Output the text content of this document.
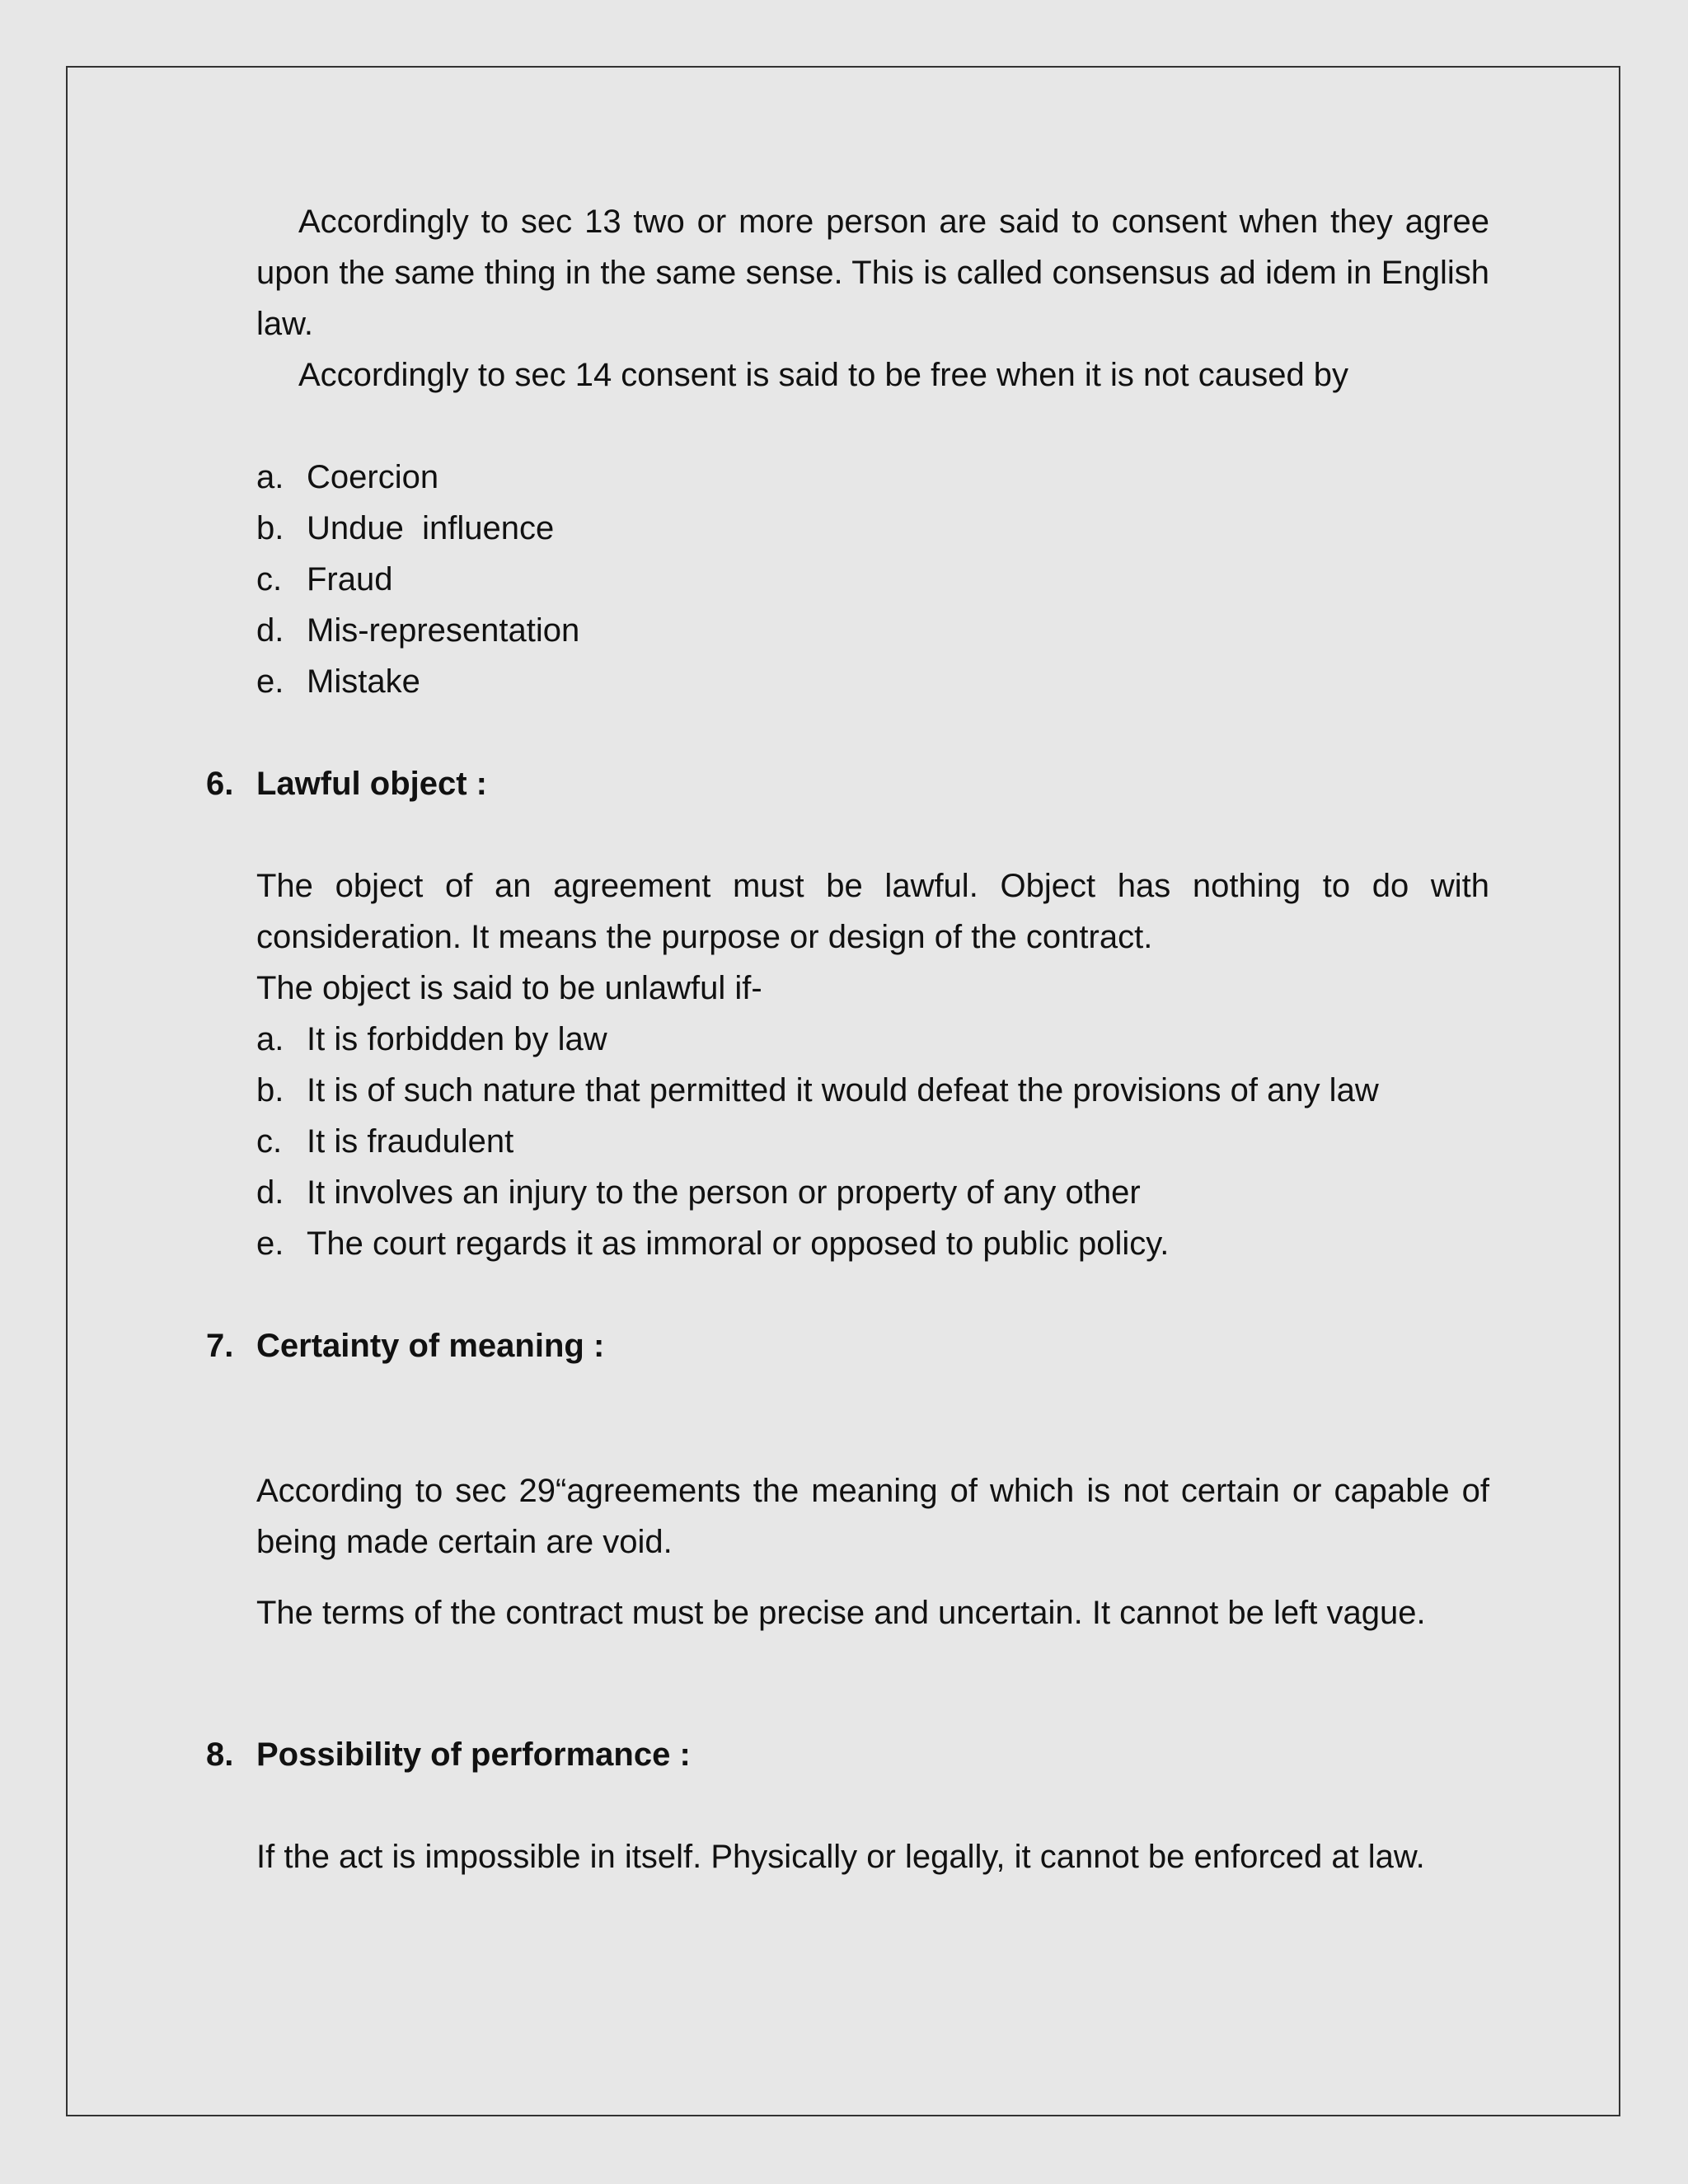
Accordingly to sec 13 two or more person are said to consent when they agree upon the same thing in the same sense. This is called consensus ad idem in English law.

Accordingly to sec 14 consent is said to be free when it is not caused by

a. Coercion
b. Undue  influence
c. Fraud
d. Mis-representation
e. Mistake
6. Lawful object :

The object of an agreement must be lawful. Object has nothing to do with consideration. It means the purpose or design of the contract.

The object is said to be unlawful if-

a. It is forbidden by law
b. It is of such nature that permitted it would defeat the provisions of any law
c. It is fraudulent
d. It involves an injury to the person or property of any other
e. The court regards it as immoral or opposed to public policy.
7. Certainty of meaning :

According to sec 29“agreements the meaning of which is not certain or capable of being made certain are void.

The terms of the contract must be precise and uncertain. It cannot be left vague.

8. Possibility of performance :

If the act is impossible in itself. Physically or legally, it cannot be enforced at law.
